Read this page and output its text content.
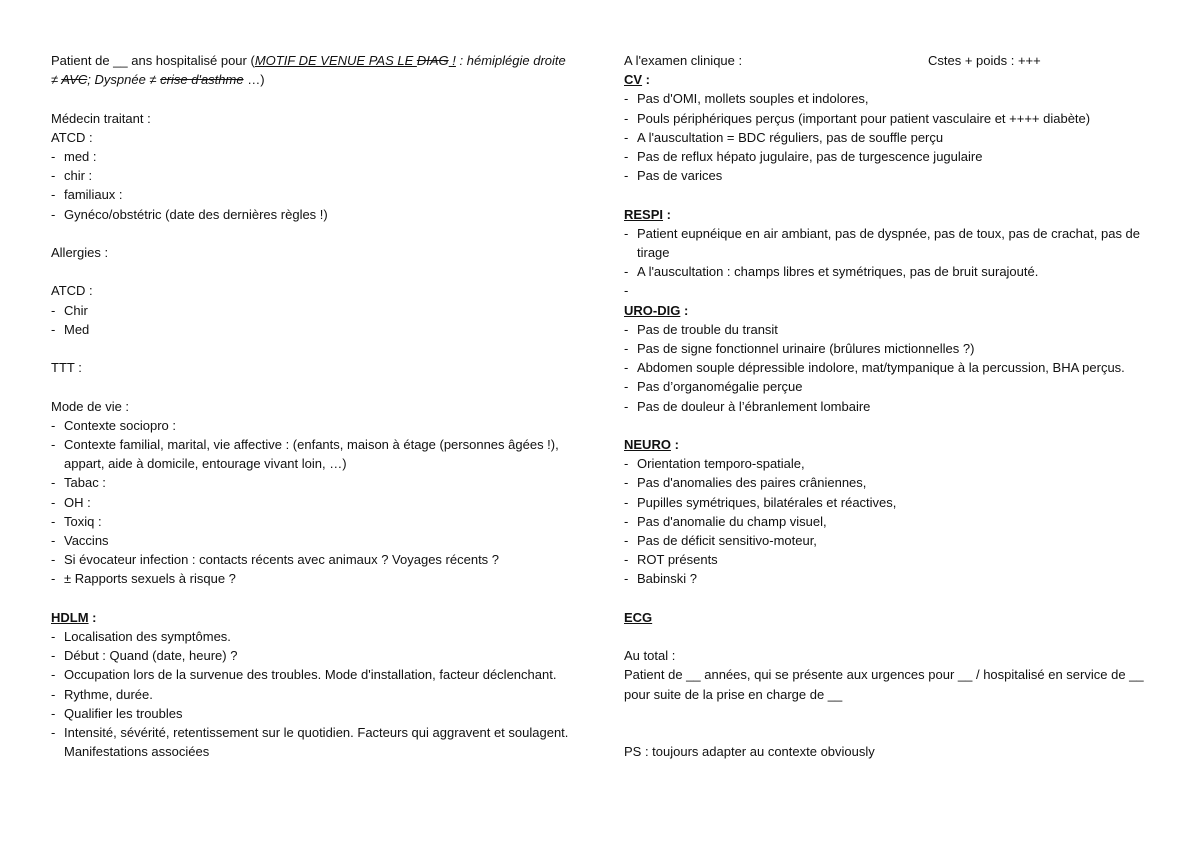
Patient de __ ans hospitalisé pour (MOTIF DE VENUE PAS LE DIAG ! : hémiplégie droite ≠ AVC; Dyspnée ≠ crise d'asthme …)
Médecin traitant :
ATCD :
- med :
- chir :
- familiaux :
- Gynéco/obstétric (date des dernières règles !)
Allergies :
ATCD :
- Chir
- Med
TTT :
Mode de vie :
- Contexte sociopro :
- Contexte familial, marital, vie affective : (enfants, maison à étage (personnes âgées !), appart, aide à domicile, entourage vivant loin, …)
- Tabac :
- OH :
- Toxiq :
- Vaccins
- Si évocateur infection : contacts récents avec animaux ? Voyages récents ?
- ± Rapports sexuels à risque ?
HDLM :
- Localisation des symptômes.
- Début : Quand (date, heure) ?
- Occupation lors de la survenue des troubles. Mode d'installation, facteur déclenchant.
- Rythme, durée.
- Qualifier les troubles
- Intensité, sévérité, retentissement sur le quotidien. Facteurs qui aggravent et soulagent. Manifestations associées
A l'examen clinique :	Cstes + poids : +++
CV :
- Pas d'OMI, mollets souples et indolores,
- Pouls périphériques perçus (important pour patient vasculaire et ++++ diabète)
- A l'auscultation = BDC réguliers, pas de souffle perçu
- Pas de reflux hépato jugulaire, pas de turgescence jugulaire
- Pas de varices
RESPI :
- Patient eupnéique en air ambiant, pas de dyspnée, pas de toux, pas de crachat, pas de tirage
- A l'auscultation : champs libres et symétriques, pas de bruit surajouté.
-
URO-DIG :
- Pas de trouble du transit
- Pas de signe fonctionnel urinaire (brûlures mictionnelles ?)
- Abdomen souple dépressible indolore, mat/tympanique à la percussion, BHA perçus.
- Pas d’organomégalie perçue
- Pas de douleur à l’ébranlement lombaire
NEURO :
- Orientation temporo-spatiale,
- Pas d'anomalies des paires crâniennes,
- Pupilles symétriques, bilatérales et réactives,
- Pas d'anomalie du champ visuel,
- Pas de déficit sensitivo-moteur,
- ROT présents
- Babinski ?
ECG
Au total :
Patient de __ années, qui se présente aux urgences pour __ / hospitalisé en service de __ pour suite de la prise en charge de __
PS : toujours adapter au contexte obviously
